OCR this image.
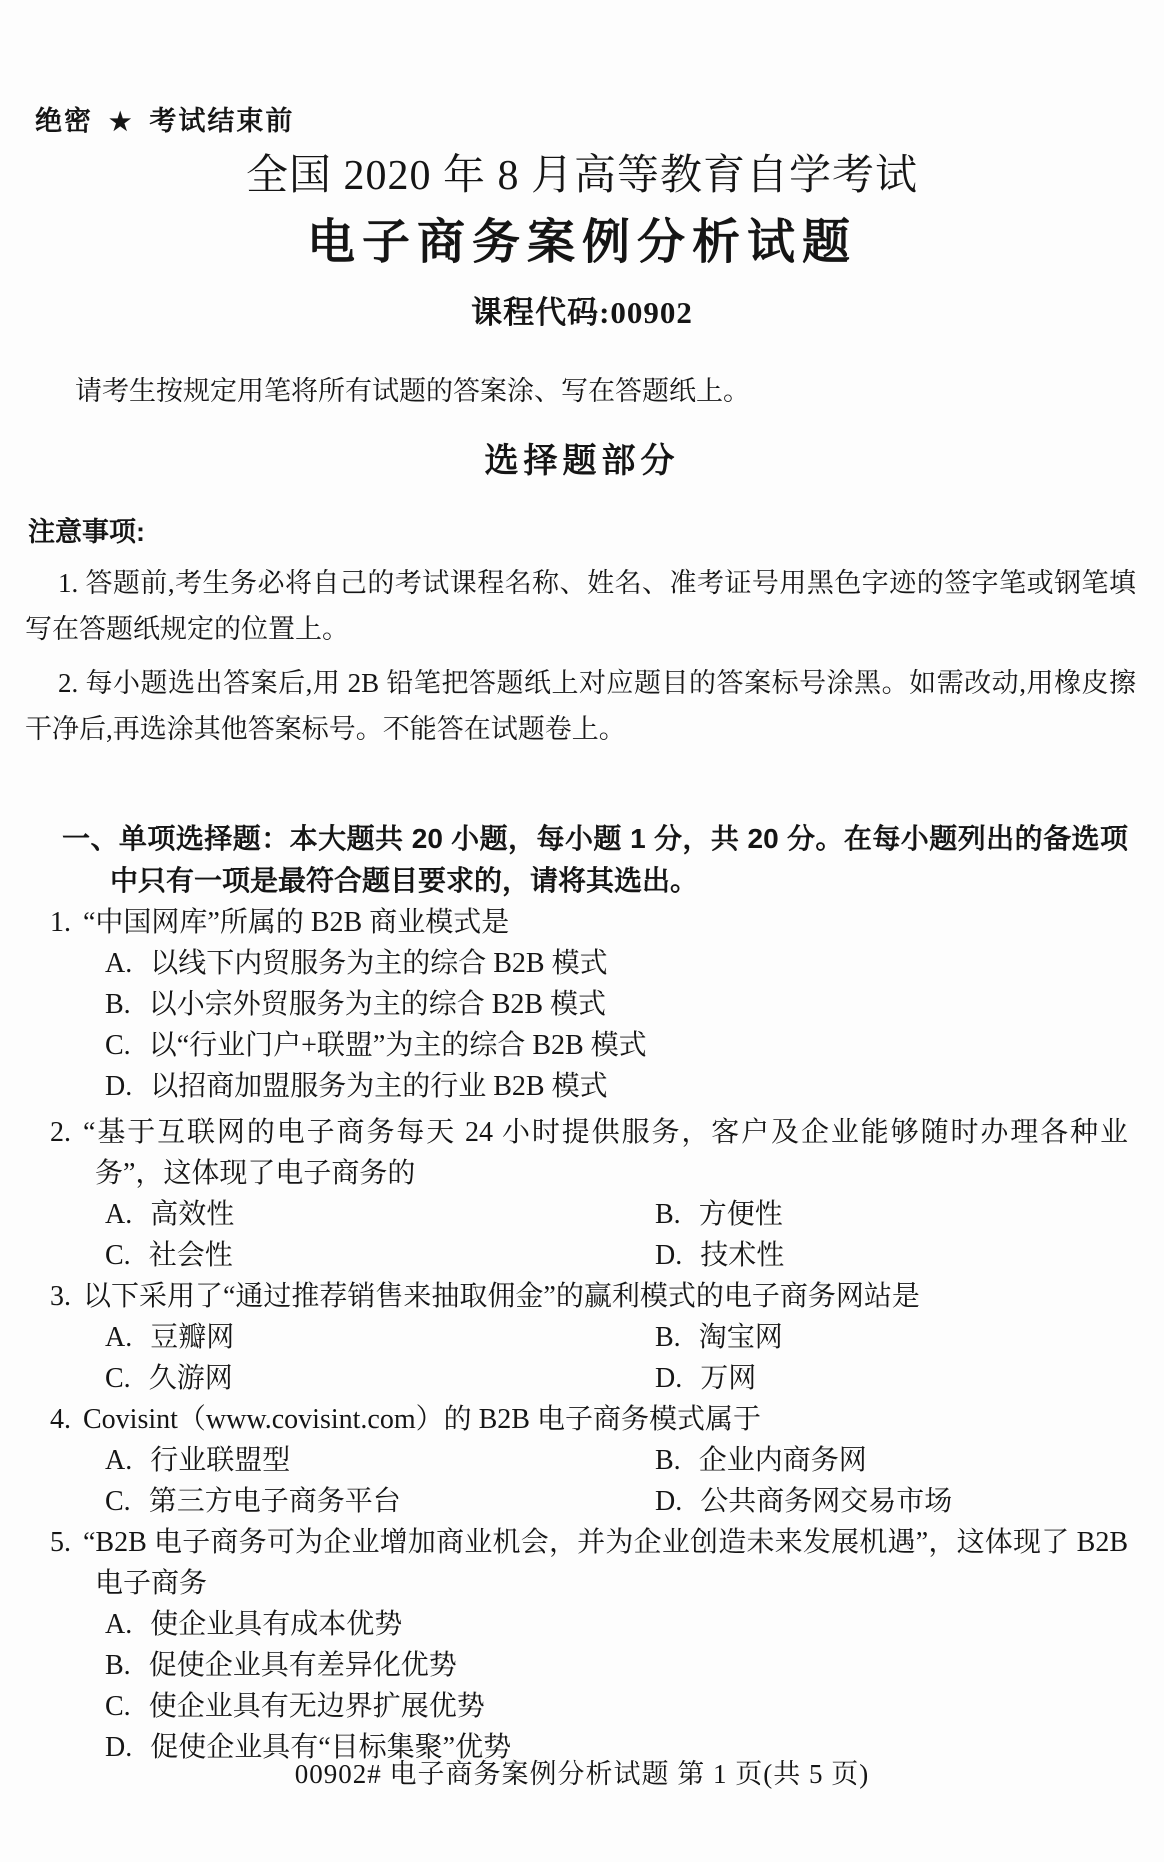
绝密 ★ 考试结束前
全国 2020 年 8 月高等教育自学考试
电子商务案例分析试题
课程代码:00902
请考生按规定用笔将所有试题的答案涂、写在答题纸上。
选择题部分
注意事项:

1. 答题前,考生务必将自己的考试课程名称、姓名、准考证号用黑色字迹的签字笔或钢笔填写在答题纸规定的位置上。

2. 每小题选出答案后,用 2B 铅笔把答题纸上对应题目的答案标号涂黑。如需改动,用橡皮擦干净后,再选涂其他答案标号。不能答在试题卷上。

一、单项选择题：本大题共 20 小题，每小题 1 分，共 20 分。在每小题列出的备选项中只有一项是最符合题目要求的，请将其选出。
1. “中国网库”所属的 B2B 商业模式是
A. 以线下内贸服务为主的综合 B2B 模式
B. 以小宗外贸服务为主的综合 B2B 模式
C. 以“行业门户+联盟”为主的综合 B2B 模式
D. 以招商加盟服务为主的行业 B2B 模式
2. “基于互联网的电子商务每天 24 小时提供服务，客户及企业能够随时办理各种业务”，这体现了电子商务的
A. 高效性	B. 方便性
C. 社会性	D. 技术性
3. 以下采用了“通过推荐销售来抽取佣金”的赢利模式的电子商务网站是
A. 豆瓣网	B. 淘宝网
C. 久游网	D. 万网
4. Covisint（www.covisint.com）的 B2B 电子商务模式属于
A. 行业联盟型	B. 企业内商务网
C. 第三方电子商务平台	D. 公共商务网交易市场
5. “B2B 电子商务可为企业增加商业机会，并为企业创造未来发展机遇”，这体现了 B2B 电子商务
A. 使企业具有成本优势
B. 促使企业具有差异化优势
C. 使企业具有无边界扩展优势
D. 促使企业具有“目标集聚”优势
00902# 电子商务案例分析试题 第 1 页(共 5 页)
